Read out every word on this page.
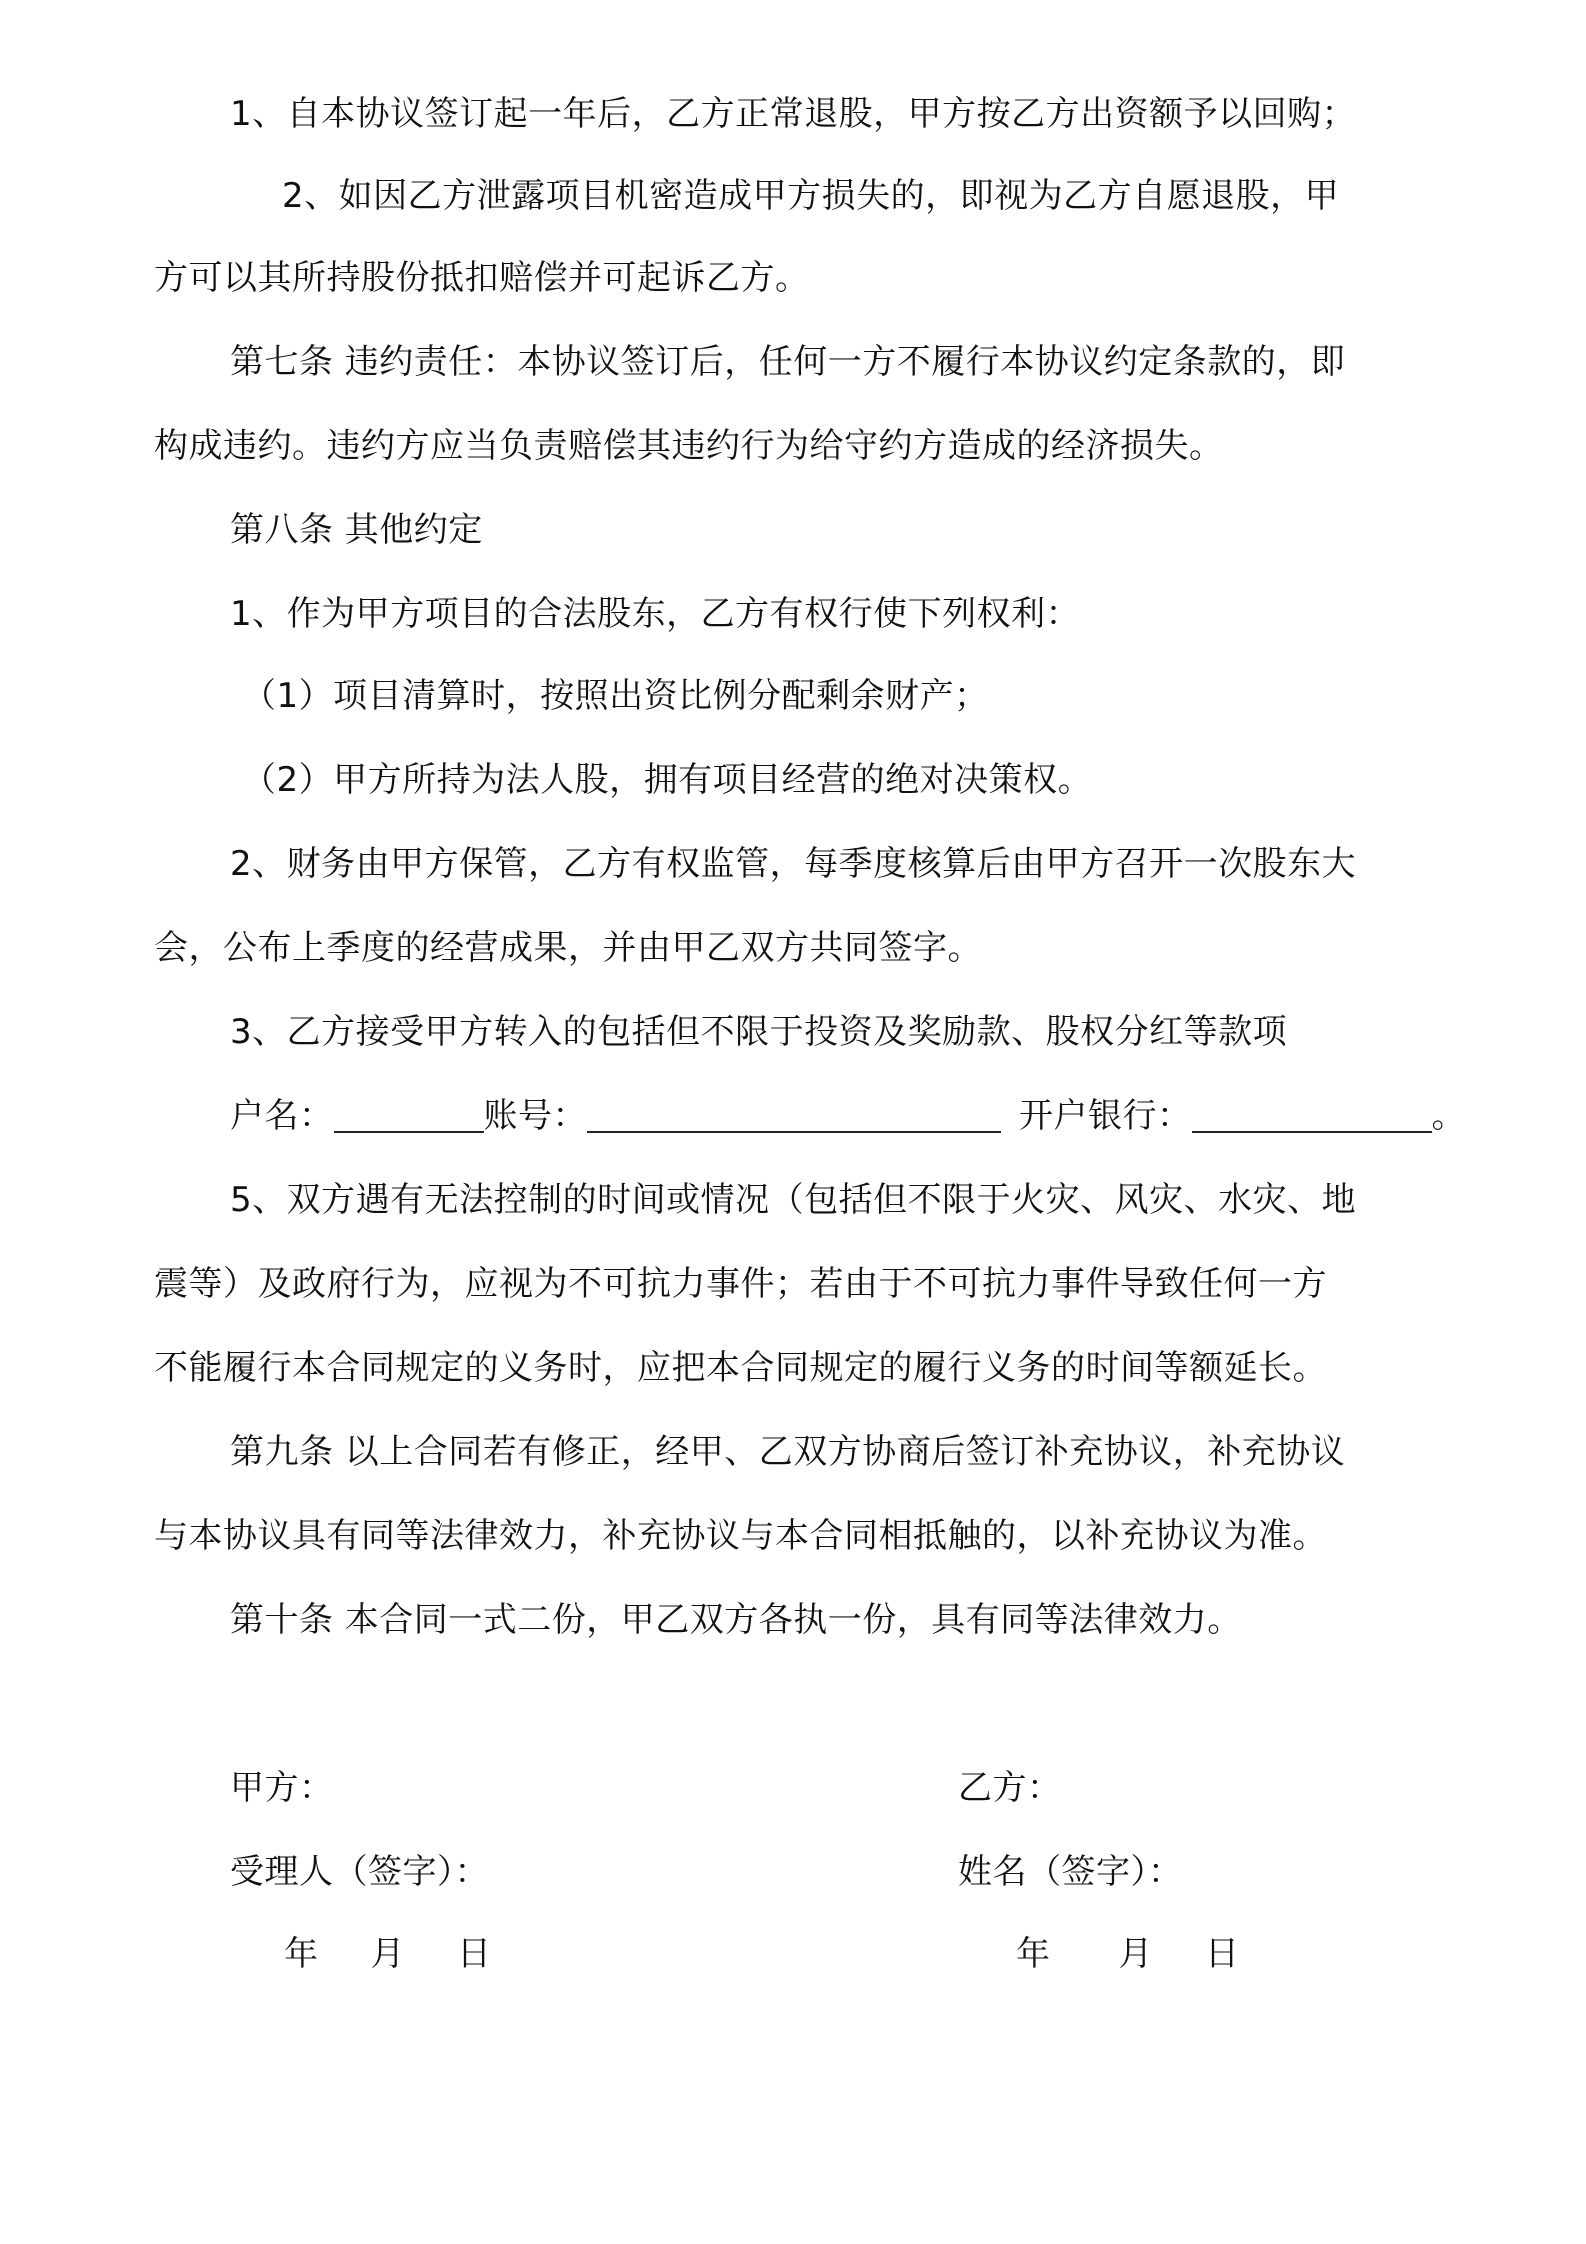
1、自本协议签订起一年后，乙方正常退股，甲方按乙方出资额予以回购；
2、如因乙方泄露项目机密造成甲方损失的，即视为乙方自愿退股，甲
方可以其所持股份抵扣赔偿并可起诉乙方。
第七条 违约责任：本协议签订后，任何一方不履行本协议约定条款的，即
构成违约。违约方应当负责赔偿其违约行为给守约方造成的经济损失。
第八条 其他约定
1、作为甲方项目的合法股东，乙方有权行使下列权利：
（1）项目清算时，按照出资比例分配剩余财产；
（2）甲方所持为法人股，拥有项目经营的绝对决策权。
2、财务由甲方保管，乙方有权监管，每季度核算后由甲方召开一次股东大
会，公布上季度的经营成果，并由甲乙双方共同签字。
3、乙方接受甲方转入的包括但不限于投资及奖励款、股权分红等款项
户名：	账号：	开户银行：	。
5、双方遇有无法控制的时间或情况（包括但不限于火灾、风灾、水灾、地
震等）及政府行为，应视为不可抗力事件；若由于不可抗力事件导致任何一方
不能履行本合同规定的义务时，应把本合同规定的履行义务的时间等额延长。
第九条 以上合同若有修正，经甲、乙双方协商后签订补充协议，补充协议
与本协议具有同等法律效力，补充协议与本合同相抵触的，以补充协议为准。
第十条 本合同一式二份，甲乙双方各执一份，具有同等法律效力。
甲方：	乙方：
受理人（签字）：	姓名（签字）：
年 月 日	年 月 日
